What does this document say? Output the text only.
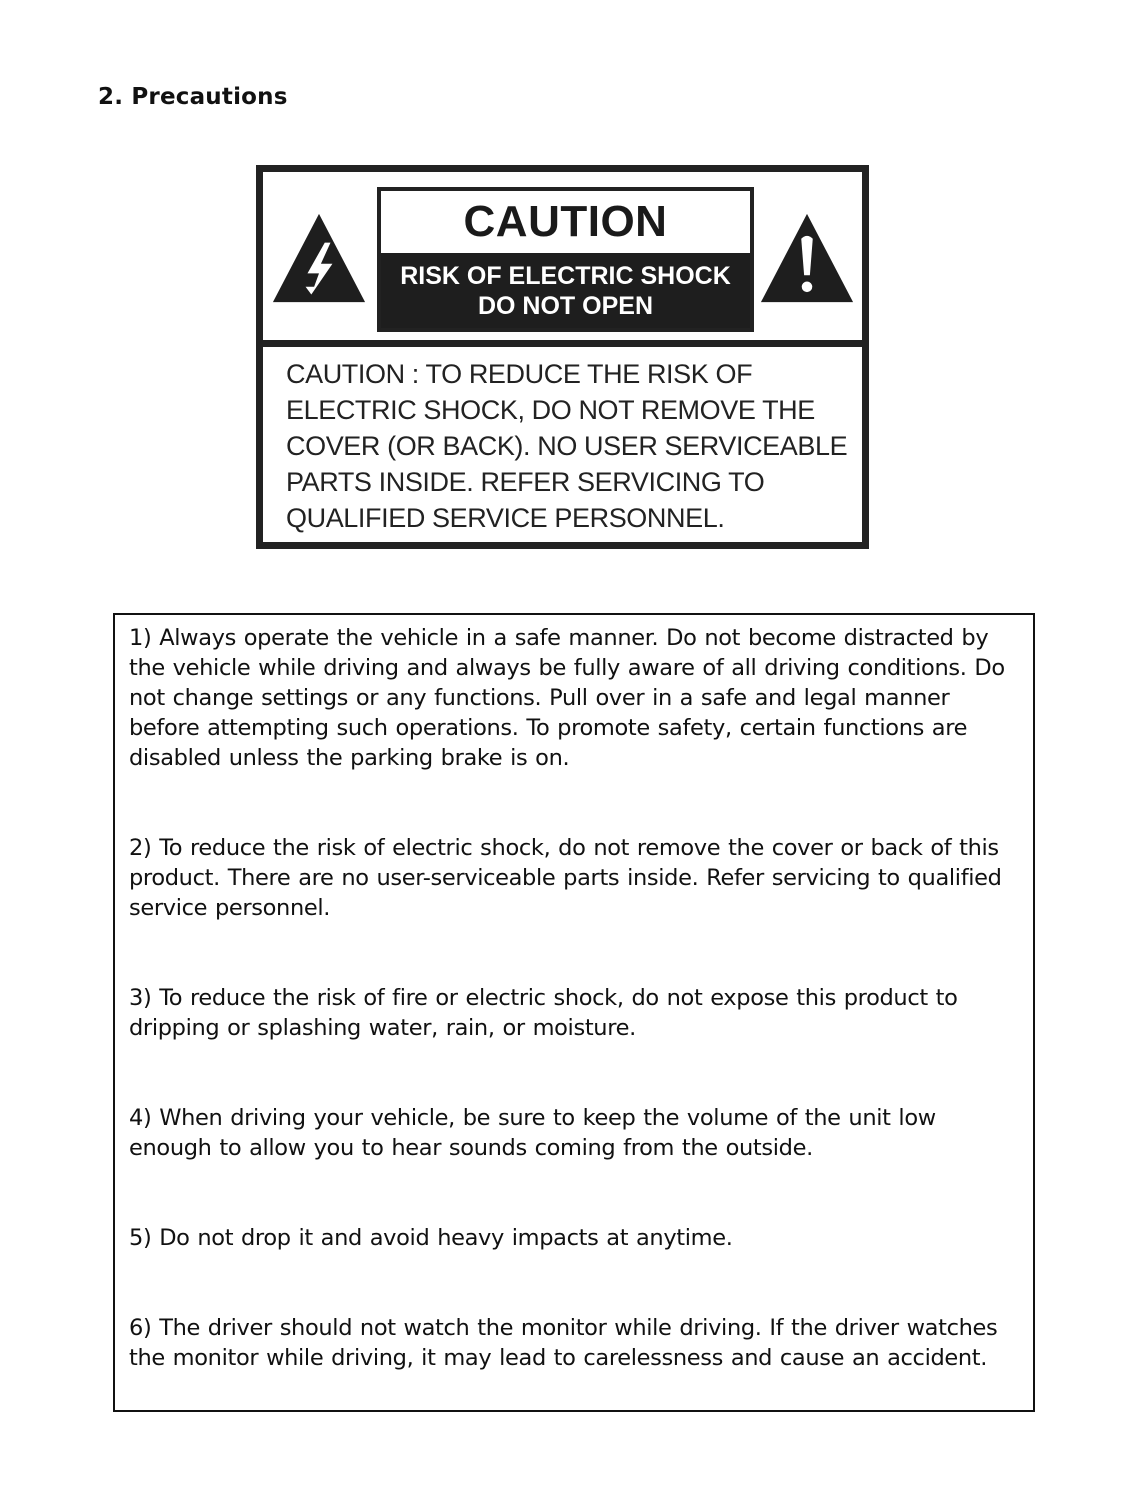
2. Precautions
CAUTION
RISK OF ELECTRIC SHOCK
DO NOT OPEN
CAUTION : TO REDUCE THE RISK OF
ELECTRIC SHOCK, DO NOT REMOVE THE
COVER (OR BACK). NO USER SERVICEABLE
PARTS INSIDE. REFER SERVICING TO
QUALIFIED SERVICE PERSONNEL.
1) Always operate the vehicle in a safe manner. Do not become distracted by the vehicle while driving and always be fully aware of all driving conditions. Do not change settings or any functions. Pull over in a safe and legal manner before attempting such operations. To promote safety, certain functions are disabled unless the parking brake is on.
2) To reduce the risk of electric shock, do not remove the cover or back of this product. There are no user-serviceable parts inside. Refer servicing to qualified service personnel.
3) To reduce the risk of fire or electric shock, do not expose this product to dripping or splashing water, rain, or moisture.
4) When driving your vehicle, be sure to keep the volume of the unit low enough to allow you to hear sounds coming from the outside.
5) Do not drop it and avoid heavy impacts at anytime.
6) The driver should not watch the monitor while driving. If the driver watches the monitor while driving, it may lead to carelessness and cause an accident.
